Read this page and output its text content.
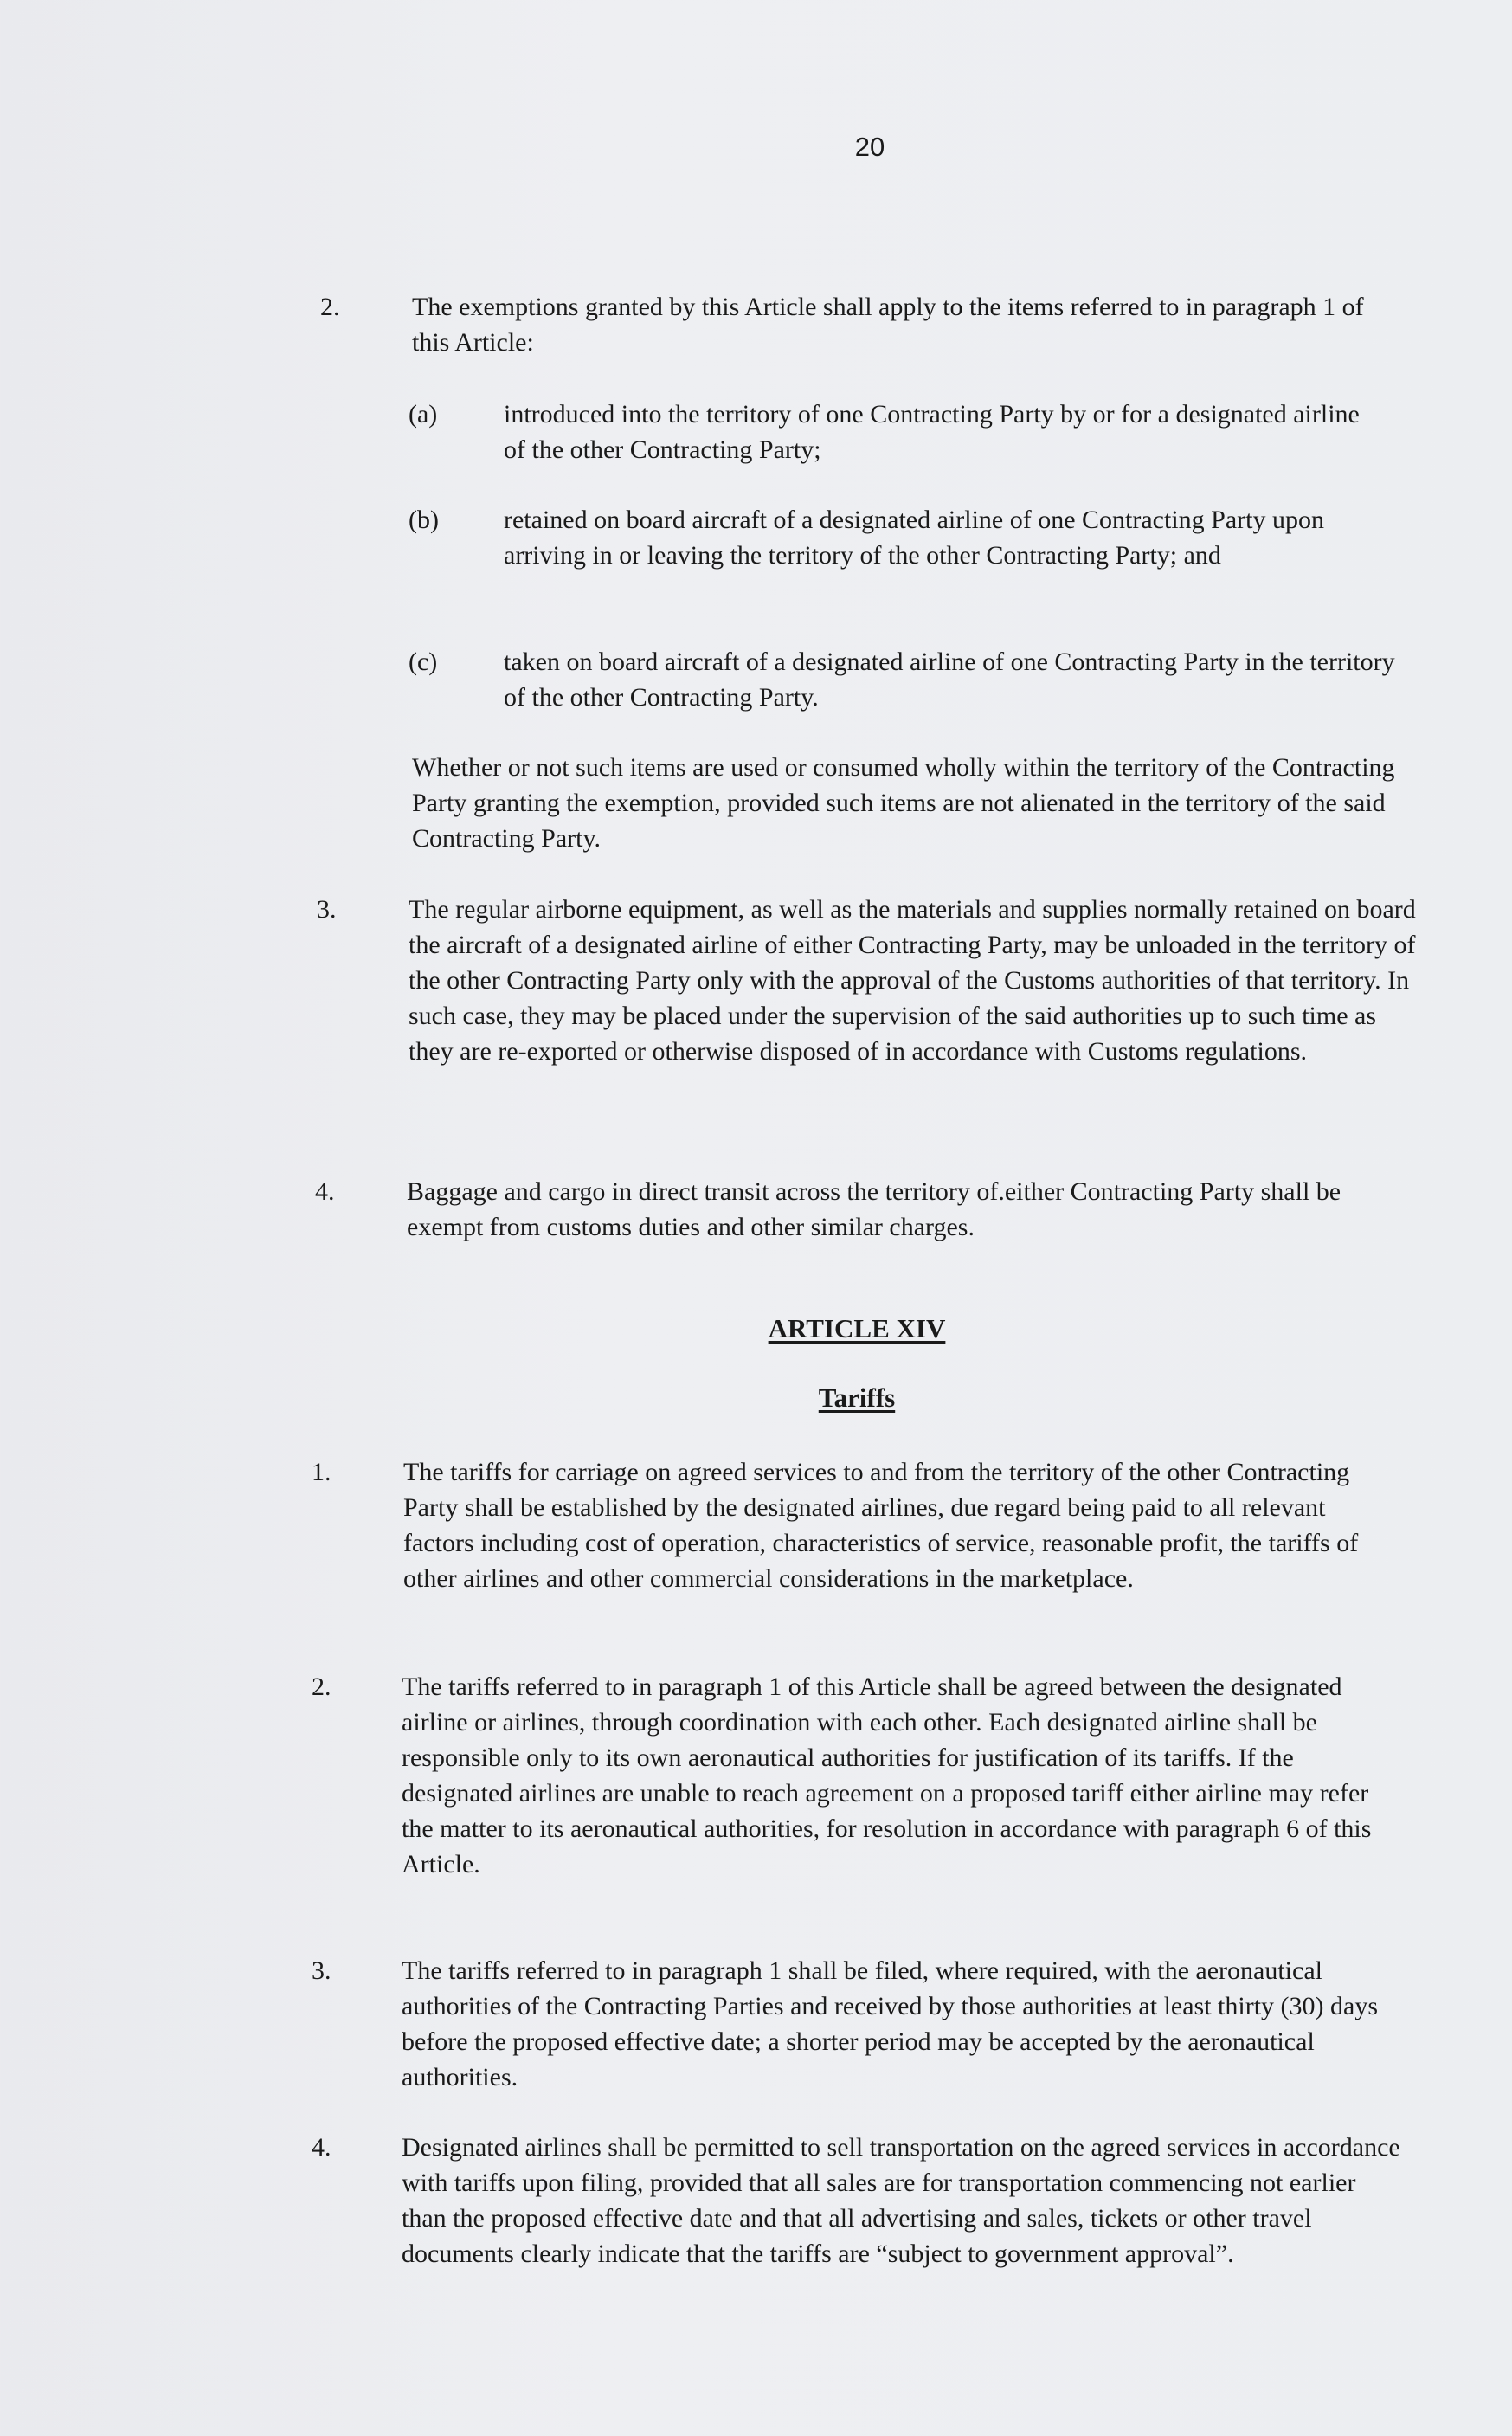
20
2.	The exemptions granted by this Article shall apply to the items referred to in paragraph 1 of this Article:
(a)	introduced into the territory of one Contracting Party by or for a designated airline of the other Contracting Party;
(b)	retained on board aircraft of a designated airline of one Contracting Party upon arriving in or leaving the territory of the other Contracting Party; and
(c)	taken on board aircraft of a designated airline of one Contracting Party in the territory of the other Contracting Party.
Whether or not such items are used or consumed wholly within the territory of the Contracting Party granting the exemption, provided such items are not alienated in the territory of the said Contracting Party.
3.	The regular airborne equipment, as well as the materials and supplies normally retained on board the aircraft of a designated airline of either Contracting Party, may be unloaded in the territory of the other Contracting Party only with the approval of the Customs authorities of that territory. In such case, they may be placed under the supervision of the said authorities up to such time as they are re-exported or otherwise disposed of in accordance with Customs regulations.
4.	Baggage and cargo in direct transit across the territory of.either Contracting Party shall be exempt from customs duties and other similar charges.
ARTICLE XIV
Tariffs
1.	The tariffs for carriage on agreed services to and from the territory of the other Contracting Party shall be established by the designated airlines, due regard being paid to all relevant factors including cost of operation, characteristics of service, reasonable profit, the tariffs of other airlines and other commercial considerations in the marketplace.
2.	The tariffs referred to in paragraph 1 of this Article shall be agreed between the designated airline or airlines, through coordination with each other. Each designated airline shall be responsible only to its own aeronautical authorities for justification of its tariffs. If the designated airlines are unable to reach agreement on a proposed tariff either airline may refer the matter to its aeronautical authorities, for resolution in accordance with paragraph 6 of this Article.
3.	The tariffs referred to in paragraph 1 shall be filed, where required, with the aeronautical authorities of the Contracting Parties and received by those authorities at least thirty (30) days before the proposed effective date; a shorter period may be accepted by the aeronautical authorities.
4.	Designated airlines shall be permitted to sell transportation on the agreed services in accordance with tariffs upon filing, provided that all sales are for transportation commencing not earlier than the proposed effective date and that all advertising and sales, tickets or other travel documents clearly indicate that the tariffs are “subject to government approval”.
